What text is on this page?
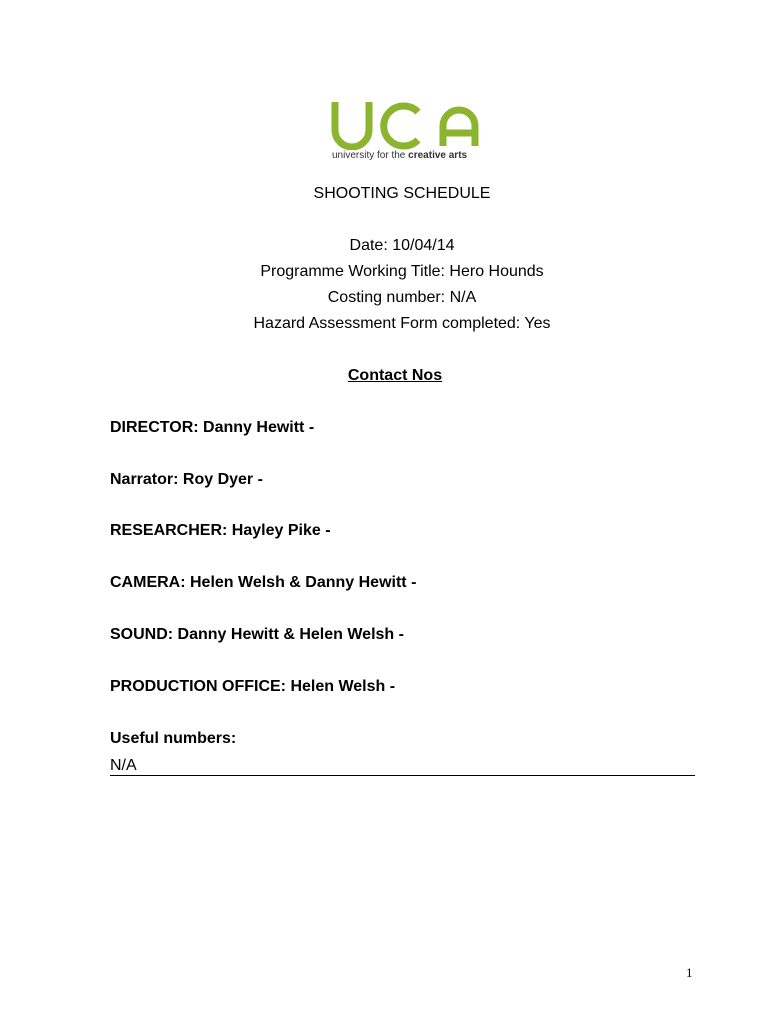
university for the creative arts
SHOOTING SCHEDULE
Date: 10/04/14
Programme Working Title: Hero Hounds
Costing number: N/A
Hazard Assessment Form completed: Yes
Contact Nos
DIRECTOR: Danny Hewitt -
Narrator: Roy Dyer -
RESEARCHER: Hayley Pike -
CAMERA: Helen Welsh & Danny Hewitt -
SOUND: Danny Hewitt & Helen Welsh -
PRODUCTION OFFICE: Helen Welsh -
Useful numbers:
N/A
1
